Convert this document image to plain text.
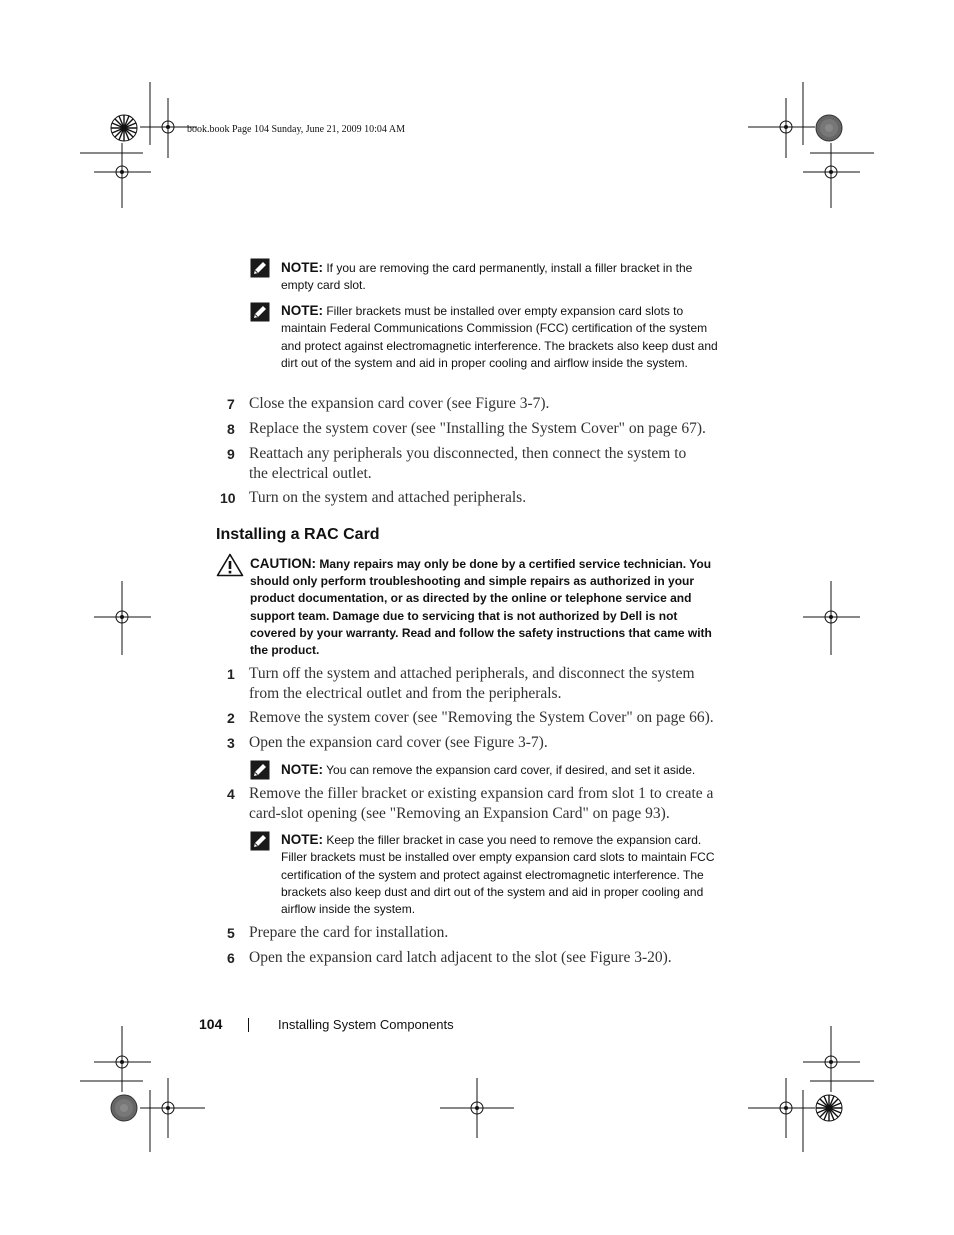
book.book Page 104 Sunday, June 21, 2009 10:04 AM
NOTE: If you are removing the card permanently, install a filler bracket in the empty card slot.
NOTE: Filler brackets must be installed over empty expansion card slots to maintain Federal Communications Commission (FCC) certification of the system and protect against electromagnetic interference. The brackets also keep dust and dirt out of the system and aid in proper cooling and airflow inside the system.
7 Close the expansion card cover (see Figure 3-7).
8 Replace the system cover (see "Installing the System Cover" on page 67).
9 Reattach any peripherals you disconnected, then connect the system to the electrical outlet.
10 Turn on the system and attached peripherals.
Installing a RAC Card
CAUTION: Many repairs may only be done by a certified service technician. You should only perform troubleshooting and simple repairs as authorized in your product documentation, or as directed by the online or telephone service and support team. Damage due to servicing that is not authorized by Dell is not covered by your warranty. Read and follow the safety instructions that came with the product.
1 Turn off the system and attached peripherals, and disconnect the system from the electrical outlet and from the peripherals.
2 Remove the system cover (see "Removing the System Cover" on page 66).
3 Open the expansion card cover (see Figure 3-7).
NOTE: You can remove the expansion card cover, if desired, and set it aside.
4 Remove the filler bracket or existing expansion card from slot 1 to create a card-slot opening (see "Removing an Expansion Card" on page 93).
NOTE: Keep the filler bracket in case you need to remove the expansion card. Filler brackets must be installed over empty expansion card slots to maintain FCC certification of the system and protect against electromagnetic interference. The brackets also keep dust and dirt out of the system and aid in proper cooling and airflow inside the system.
5 Prepare the card for installation.
6 Open the expansion card latch adjacent to the slot (see Figure 3-20).
104	Installing System Components
